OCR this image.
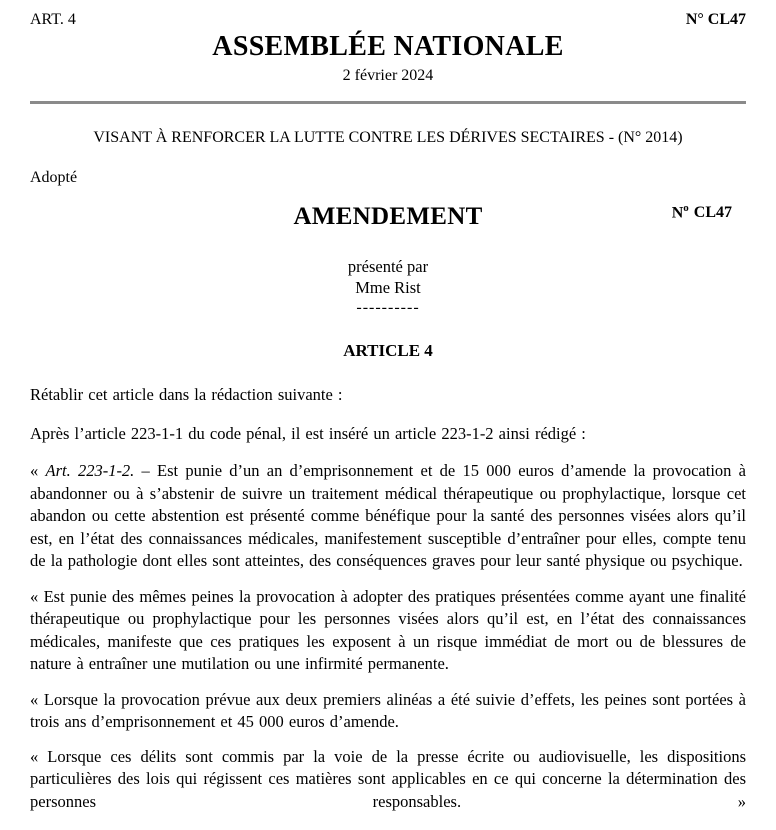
ART. 4	N° CL47
ASSEMBLÉE NATIONALE
2 février 2024
VISANT À RENFORCER LA LUTTE CONTRE LES DÉRIVES SECTAIRES - (N° 2014)
Adopté
AMENDEMENT	$N^o$ CL47
présenté par
Mme Rist
----------
ARTICLE 4

Rétablir cet article dans la rédaction suivante :

Après l’article 223-1-1 du code pénal, il est inséré un article 223-1-2 ainsi rédigé :

« Art. 223-1-2. – Est punie d’un an d’emprisonnement et de 15 000 euros d’amende la provocation à abandonner ou à s’abstenir de suivre un traitement médical thérapeutique ou prophylactique, lorsque cet abandon ou cette abstention est présenté comme bénéfique pour la santé des personnes visées alors qu’il est, en l’état des connaissances médicales, manifestement susceptible d’entraîner pour elles, compte tenu de la pathologie dont elles sont atteintes, des conséquences graves pour leur santé physique ou psychique.

« Est punie des mêmes peines la provocation à adopter des pratiques présentées comme ayant une finalité thérapeutique ou prophylactique pour les personnes visées alors qu’il est, en l’état des connaissances médicales, manifeste que ces pratiques les exposent à un risque immédiat de mort ou de blessures de nature à entraîner une mutilation ou une infirmité permanente.

« Lorsque la provocation prévue aux deux premiers alinéas a été suivie d’effets, les peines sont portées à trois ans d’emprisonnement et 45 000 euros d’amende.

« Lorsque ces délits sont commis par la voie de la presse écrite ou audiovisuelle, les dispositions particulières des lois qui régissent ces matières sont applicables en ce qui concerne la détermination des personnes responsables. »
